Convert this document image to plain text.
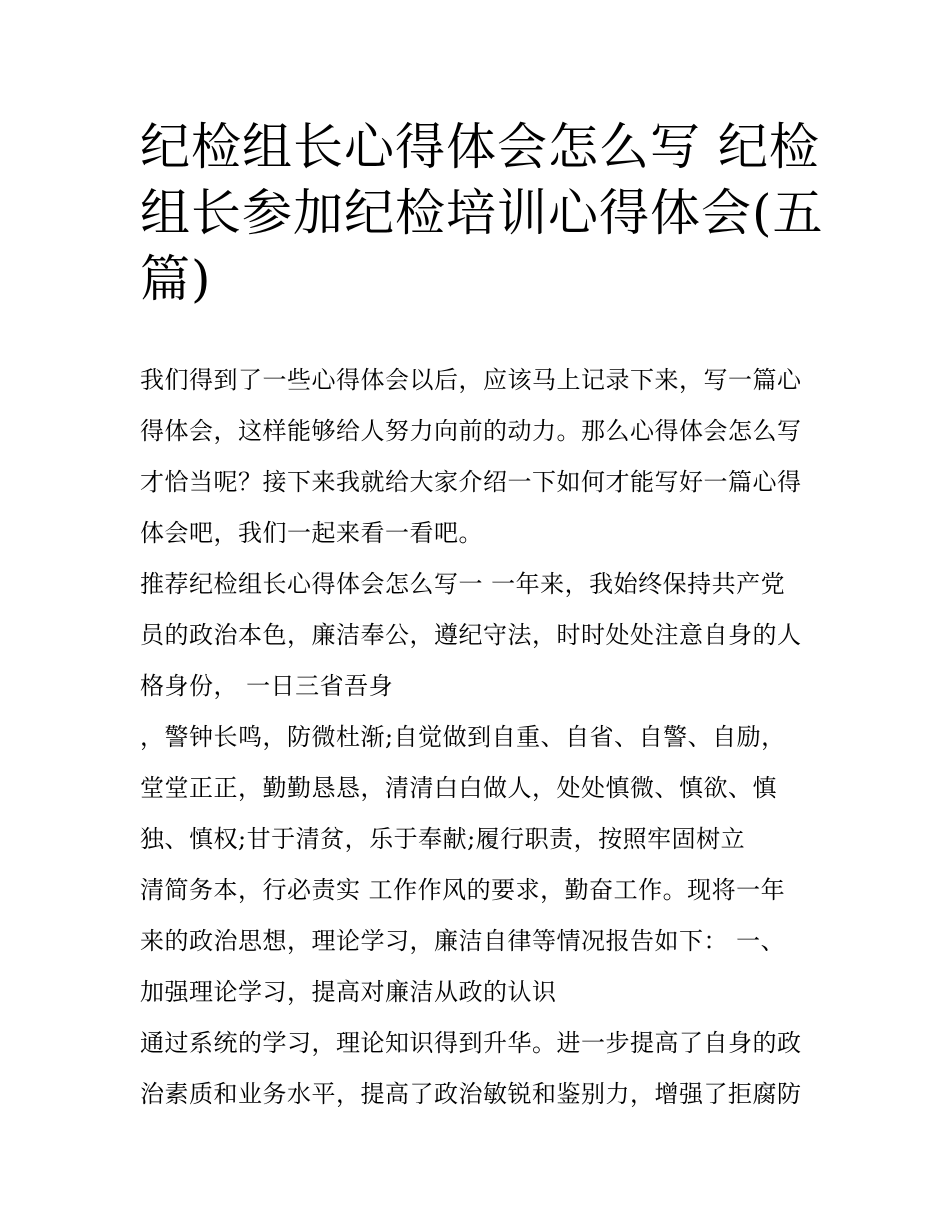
纪检组长心得体会怎么写 纪检
组长参加纪检培训心得体会(五
篇)
我们得到了一些心得体会以后，应该马上记录下来，写一篇心
得体会，这样能够给人努力向前的动力。那么心得体会怎么写
才恰当呢？接下来我就给大家介绍一下如何才能写好一篇心得
体会吧，我们一起来看一看吧。
推荐纪检组长心得体会怎么写一 一年来，我始终保持共产党
员的政治本色，廉洁奉公，遵纪守法，时时处处注意自身的人
格身份， 一日三省吾身
，警钟长鸣，防微杜渐;自觉做到自重、自省、自警、自励，
堂堂正正，勤勤恳恳，清清白白做人，处处慎微、慎欲、慎
独、慎权;甘于清贫，乐于奉献;履行职责，按照牢固树立
清简务本，行必责实 工作作风的要求，勤奋工作。现将一年
来的政治思想，理论学习，廉洁自律等情况报告如下： 一、
加强理论学习，提高对廉洁从政的认识
通过系统的学习，理论知识得到升华。进一步提高了自身的政
治素质和业务水平，提高了政治敏锐和鉴别力，增强了拒腐防
